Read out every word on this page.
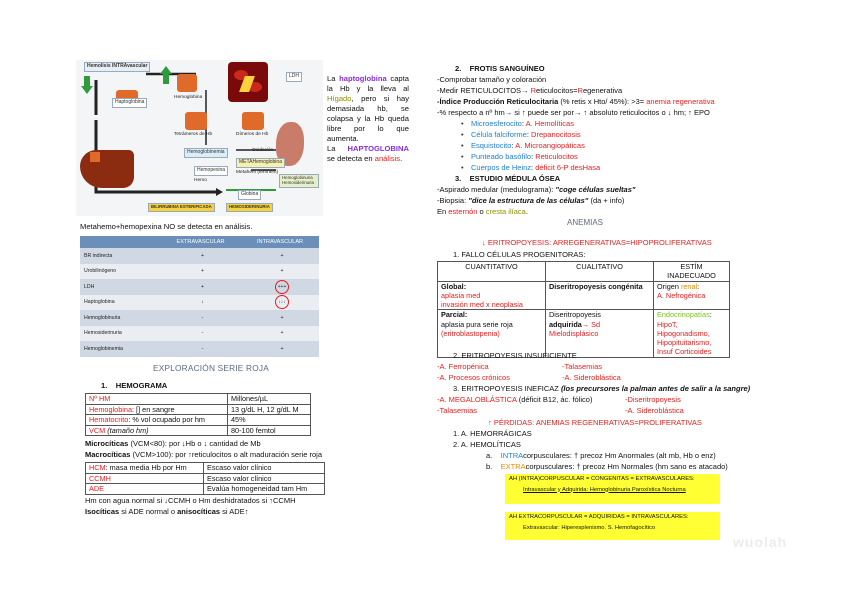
Hemolisis INTRAvascular
Haptoglobina
Hemoglobina
Tetrámeros de Hb	Dímeros de Hb
LDH
Hemoglobinemia	Oxidación
METAHemoglobina
Hemopexina
Hemo
Metahem (ferrihem)
Globina
Hemoglobinuria Hemosiderinuria
BILIRRUBINA ESTERIFICADA	HEMOSIDERINURIA
La haptoglobina capta la Hb y la lleva al Hígado, pero si hay demasiada hb, se colapsa y la Hb queda libre por lo que aumenta.
La HAPTOGLOBINA se detecta en análisis.
Metahemo+hemopexina NO se detecta en análisis.
	EXTRAVASCULAR	INTRAVASCULAR
BR indirecta	+	+
Urobilinógeno	+	+
LDH	+	+++
Haptoglobina	↓	↓↓↓
Hemoglobinuria	-	+
Hemosiderinuria	-	+
Hemoglobinemia	-	+
EXPLORACIÓN SERIE ROJA
1. HEMOGRAMA
Nº HM	Millones/µL
Hemoglobina: [] en sangre	13 g/dL H, 12 g/dL M
Hematocrito: % vol ocupado por hm	45%
VCM (tamaño hm)	80-100 femtol
Microcíticas (VCM<80): por ↓Hb o ↓ cantidad de Mb
Macrocíticas (VCM>100): por ↑reticulocitos o alt maduración serie roja
HCM: masa media Hb por Hm	Escaso valor clínico
CCMH	Escaso valor clínico
ADE	Evalúa homogeneidad tam Hm
Hm con agua normal si ↓CCMH o Hm deshidratados si ↑CCMH
Isocíticas si ADE normal o anisocíticas si ADE↑
2. FROTIS SANGUÍNEO
-Comprobar tamaño y coloración
-Medir RETICULOCITOS→ Reticulocitos=Regenerativa
-Índice Producción Reticulocitaria (% retis x Hto/ 45%): >3= anemia regenerativa
-% respecto a nº hm→ si ↑ puede ser por→ ↑ absoluto reticulocitos o ↓ hm; ↑ EPO
• Microesferocito: A. Hemolíticas
• Célula falciforme: Drepanocitosis
• Esquistocito: A. Microangiopáticas
• Punteado basófilo: Reticulocitos
• Cuerpos de Heinz: déficit 6-P desHasa
3. ESTUDIO MÉDULA ÓSEA
-Aspirado medular (medulograma): "coge células sueltas"
-Biopsia: "dice la estructura de las células" (da + info)
En esternón o cresta ilíaca.
ANEMIAS
↓ ERITROPOYESIS: ARREGENERATIVAS=HIPOPROLIFERATIVAS
1. FALLO CÉLULAS PROGENITORAS:
CUANTITATIVO	CUALITATIVO	ESTÍM INADECUADO
Global:
aplasia med
invasión med x neoplasia	Diseritropoyesis congénita	Origen renal:
A. Nefrogénica
Parcial:
aplasia pura serie roja
(eritroblastopenia)	Diseritropoyesis
adquirida→ Sd
Mielodisplásico	Endocrinopatías:
HipoT, Hipogonadismo, Hipopituitarismo, Insuf Corticoides
2. ERITROPOYESIS INSUFICIENTE
-A. Ferropénica	-Talasemias
-A. Procesos crónicos	-A. Sideroblástica
3. ERITROPOYESIS INEFICAZ (los precursores la palman antes de salir a la sangre)
-A. MEGALOBLÁSTICA (déficit B12, ác. fólico)	-Diseritropoyesis
-Talasemias	-A. Sideroblástica
↑ PÉRDIDAS: ANEMIAS REGENERATIVAS=PROLIFERATIVAS
1. A. HEMORRÁGICAS
2. A. HEMOLÍTICAS
a. INTRAcorpusculares: † precoz Hm Anormales (alt mb, Hb o enz)
b. EXTRAcorpusculares: † precoz Hm Normales (hm sano es atacado)
AH (INTRA)CORPUSCULAR = CONGENITAS = EXTRAVASCULARES:
Intravascular y Adquirida: Hemoglobinuria Paroxística Nocturna
AH EXTRACORPUSCULAR = ADQUIRIDAS = INTRAVASCULARES:
Extravascular: Hiperesplenismo. S. Hemofagocítico
wuolah
